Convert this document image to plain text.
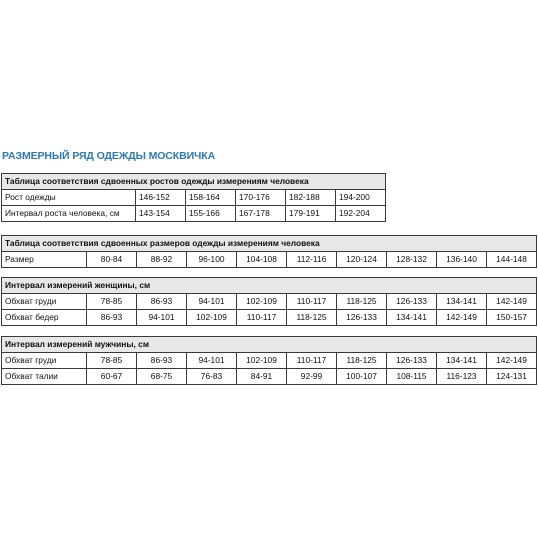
РАЗМЕРНЫЙ РЯД ОДЕЖДЫ МОСКВИЧКА
Таблица соответствия сдвоенных ростов одежды измерениям человека					
Рост одежды	146-152	158-164	170-176	182-188	194-200
Интервал роста человека, см	143-154	155-166	167-178	179-191	192-204
Таблица соответствия сдвоенных размеров одежды измерениям человека
Размер	80-84	88-92	96-100	104-108	112-116	120-124	128-132	136-140	144-148
Интервал измерений женщины, см									
Обхват груди	78-85	86-93	94-101	102-109	110-117	118-125	126-133	134-141	142-149
Обхват бедер	86-93	94-101	102-109	110-117	118-125	126-133	134-141	142-149	150-157
Интервал измерений мужчины, см									
Обхват груди	78-85	86-93	94-101	102-109	110-117	118-125	126-133	134-141	142-149
Обхват талии	60-67	68-75	76-83	84-91	92-99	100-107	108-115	116-123	124-131
